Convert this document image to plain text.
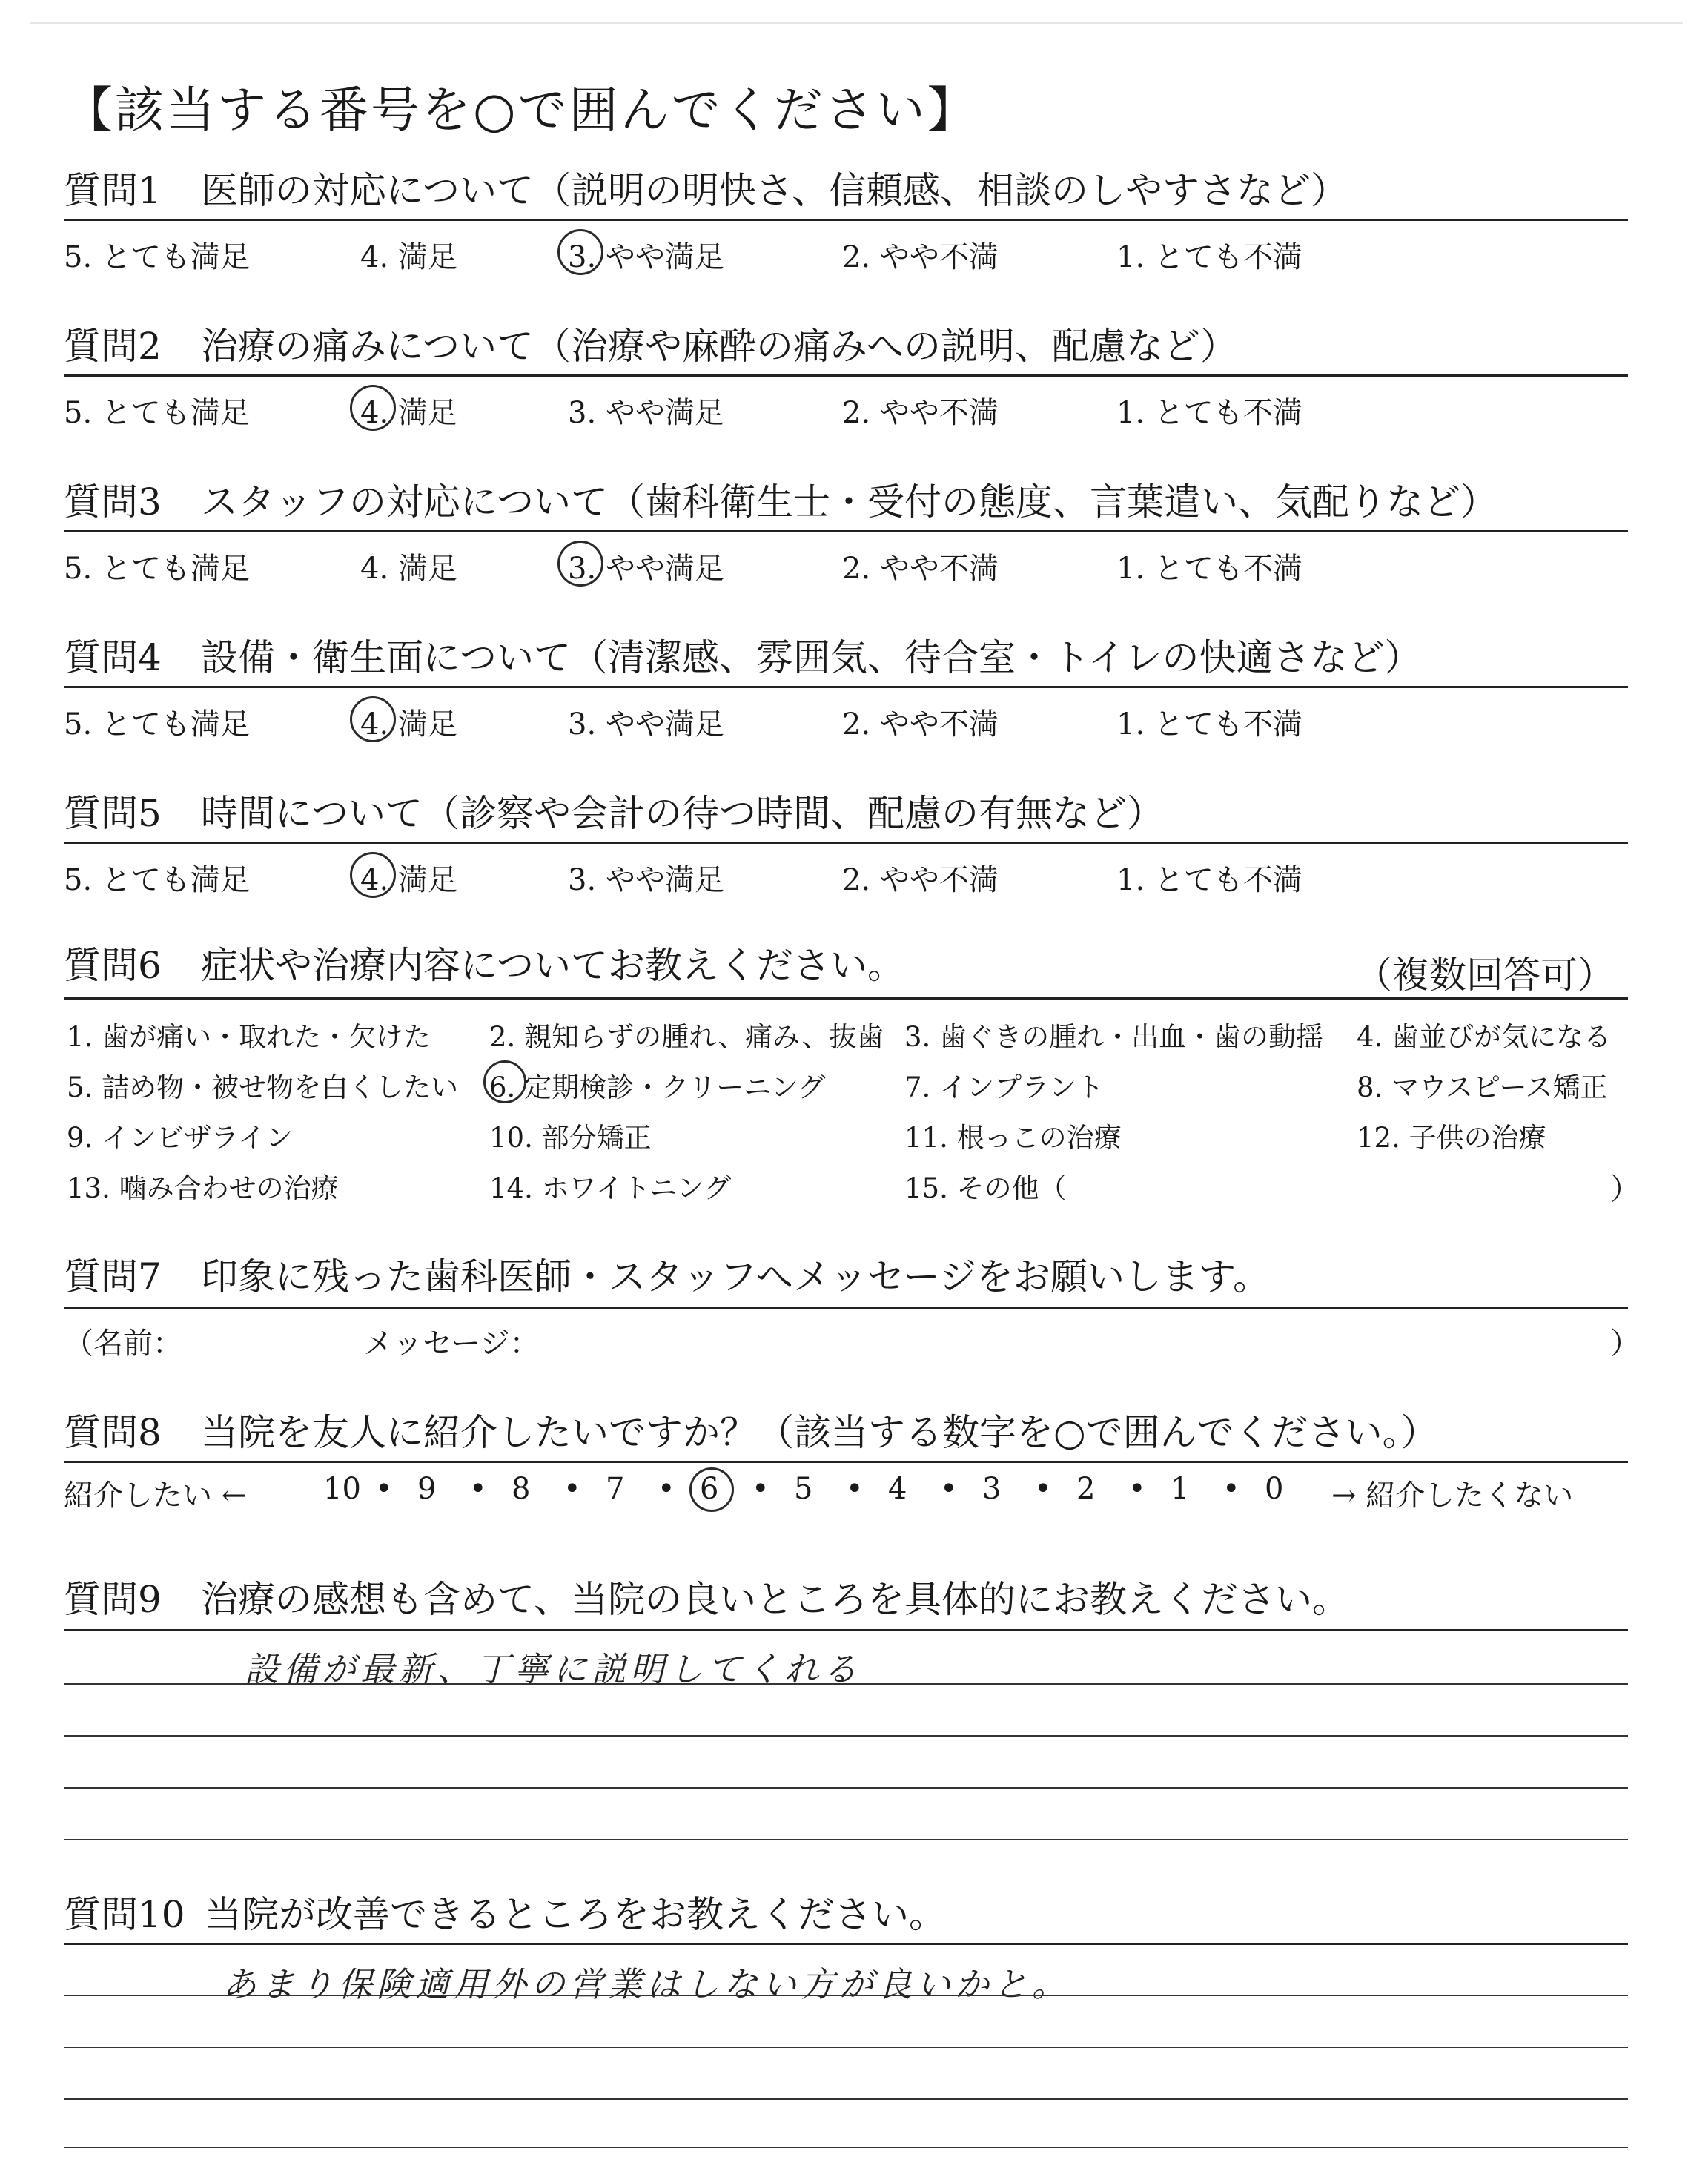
【該当する番号を○で囲んでください】
質問1 医師の対応について（説明の明快さ、信頼感、相談のしやすさなど）
5. とても満足	4. 満足	3. やや満足	2. やや不満	1. とても不満
質問2 治療の痛みについて（治療や麻酔の痛みへの説明、配慮など）
5. とても満足	4. 満足	3. やや満足	2. やや不満	1. とても不満
質問3 スタッフの対応について（歯科衛生士・受付の態度、言葉遣い、気配りなど）
5. とても満足	4. 満足	3. やや満足	2. やや不満	1. とても不満
質問4 設備・衛生面について（清潔感、雰囲気、待合室・トイレの快適さなど）
5. とても満足	4. 満足	3. やや満足	2. やや不満	1. とても不満
質問5 時間について（診察や会計の待つ時間、配慮の有無など）
5. とても満足	4. 満足	3. やや満足	2. やや不満	1. とても不満
質問6 症状や治療内容についてお教えください。	（複数回答可）
1. 歯が痛い・取れた・欠けた 2. 親知らずの腫れ、痛み、抜歯 3. 歯ぐきの腫れ・出血・歯の動揺 4. 歯並びが気になる
5. 詰め物・被せ物を白くしたい 6. 定期検診・クリーニング	7. インプラント	8. マウスピース矯正
9. インビザライン	10. 部分矯正	11. 根っこの治療	12. 子供の治療
13. 噛み合わせの治療	14. ホワイトニング	15. その他（	）
質問7 印象に残った歯科医師・スタッフへメッセージをお願いします。
（名前：	メッセージ：	）
質問8 当院を友人に紹介したいですか？（該当する数字を○で囲んでください。）
紹介したい ←	10 • 9 • 8 • 7 • 6 • 5 • 4 • 3 • 2 • 1 • 0 → 紹介したくない
質問9 治療の感想も含めて、当院の良いところを具体的にお教えください。
設備が最新、丁寧に説明してくれる
質問10 当院が改善できるところをお教えください。
あまり保険適用外の営業はしない方が良いかと。
